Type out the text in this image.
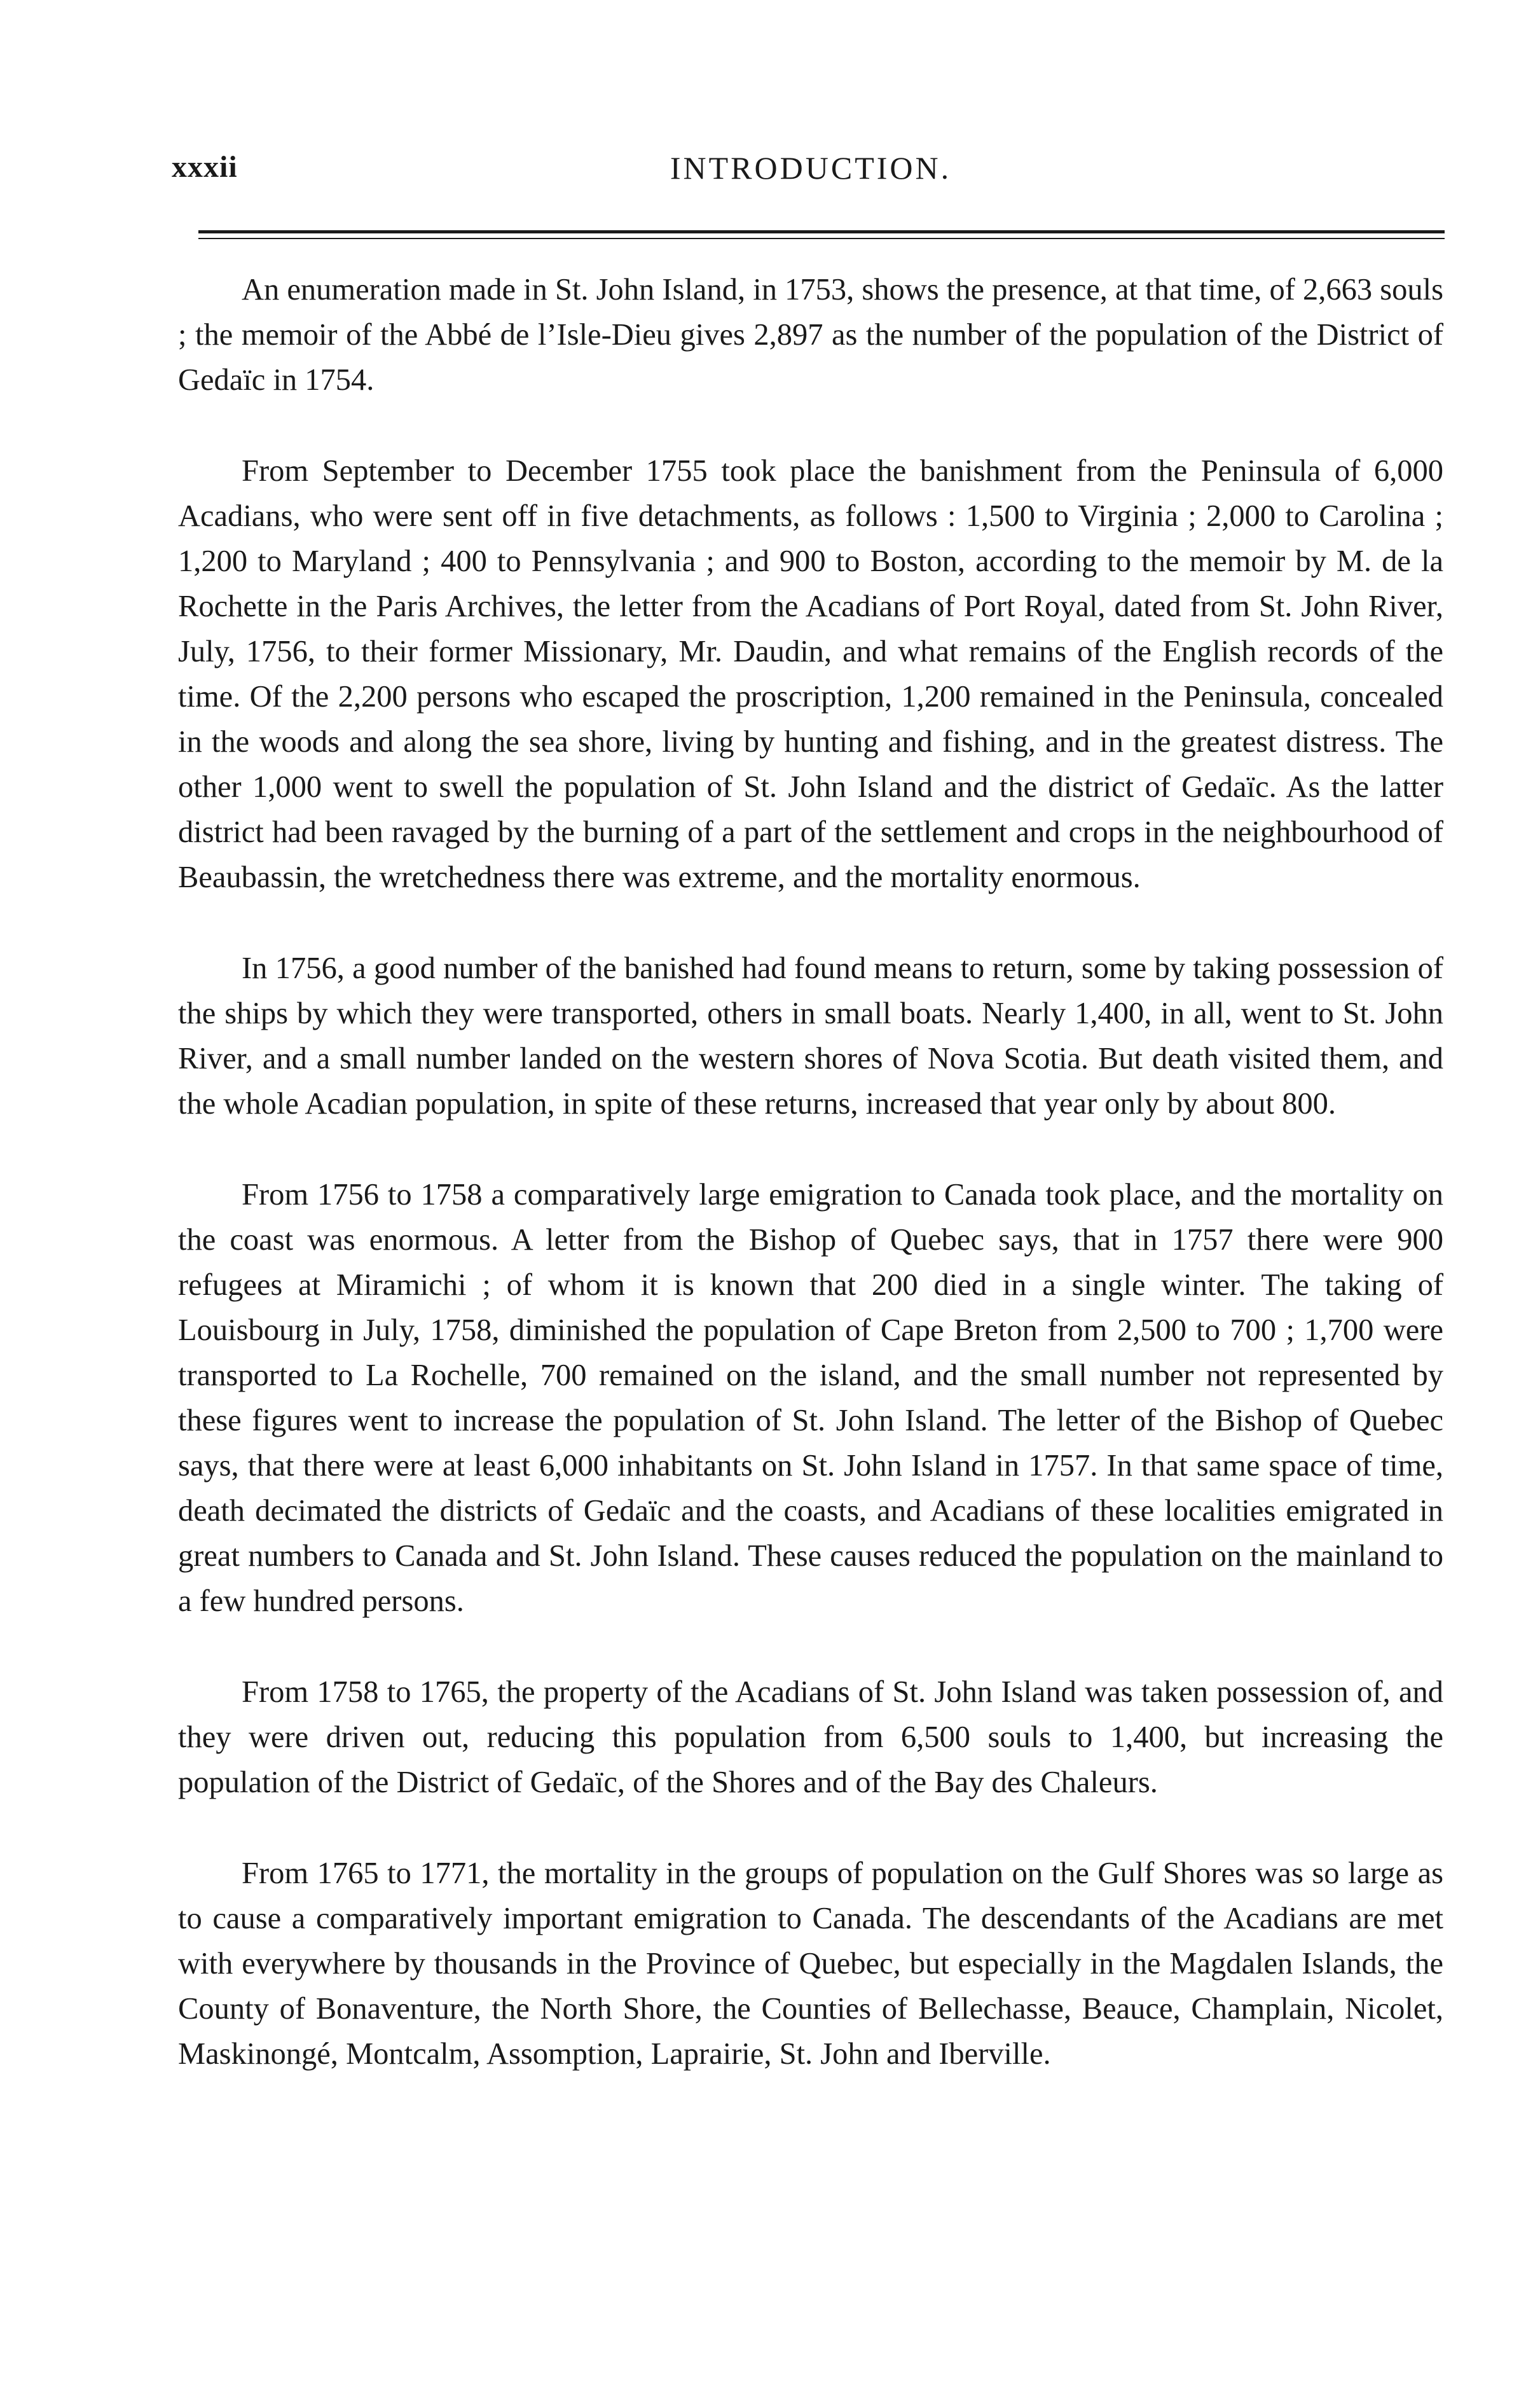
xxxii	INTRODUCTION.

An enumeration made in St. John Island, in 1753, shows the presence, at that time, of 2,663 souls ; the memoir of the Abbé de l’Isle-Dieu gives 2,897 as the number of the population of the District of Gedaïc in 1754.

From September to December 1755 took place the banishment from the Peninsula of 6,000 Acadians, who were sent off in five detachments, as follows : 1,500 to Virginia ; 2,000 to Carolina ; 1,200 to Maryland ; 400 to Pennsylvania ; and 900 to Boston, according to the memoir by M. de la Rochette in the Paris Archives, the letter from the Acadians of Port Royal, dated from St. John River, July, 1756, to their former Missionary, Mr. Daudin, and what remains of the English records of the time. Of the 2,200 persons who escaped the proscription, 1,200 remained in the Peninsula, concealed in the woods and along the sea shore, living by hunting and fishing, and in the greatest distress. The other 1,000 went to swell the population of St. John Island and the district of Gedaïc. As the latter district had been ravaged by the burning of a part of the settlement and crops in the neighbourhood of Beaubassin, the wretchedness there was extreme, and the mortality enormous.

In 1756, a good number of the banished had found means to return, some by taking possession of the ships by which they were transported, others in small boats. Nearly 1,400, in all, went to St. John River, and a small number landed on the western shores of Nova Scotia. But death visited them, and the whole Acadian population, in spite of these returns, increased that year only by about 800.

From 1756 to 1758 a comparatively large emigration to Canada took place, and the mortality on the coast was enormous. A letter from the Bishop of Quebec says, that in 1757 there were 900 refugees at Miramichi ; of whom it is known that 200 died in a single winter. The taking of Louisbourg in July, 1758, diminished the population of Cape Breton from 2,500 to 700 ; 1,700 were transported to La Rochelle, 700 remained on the island, and the small number not represented by these figures went to increase the population of St. John Island. The letter of the Bishop of Quebec says, that there were at least 6,000 inhabitants on St. John Island in 1757. In that same space of time, death decimated the districts of Gedaïc and the coasts, and Acadians of these localities emigrated in great numbers to Canada and St. John Island. These causes reduced the population on the mainland to a few hundred persons.

From 1758 to 1765, the property of the Acadians of St. John Island was taken possession of, and they were driven out, reducing this population from 6,500 souls to 1,400, but increasing the population of the District of Gedaïc, of the Shores and of the Bay des Chaleurs.

From 1765 to 1771, the mortality in the groups of population on the Gulf Shores was so large as to cause a comparatively important emigration to Canada. The descendants of the Acadians are met with everywhere by thousands in the Province of Quebec, but especially in the Magdalen Islands, the County of Bonaventure, the North Shore, the Counties of Bellechasse, Beauce, Champlain, Nicolet, Maskinongé, Montcalm, Assomption, Laprairie, St. John and Iberville.
